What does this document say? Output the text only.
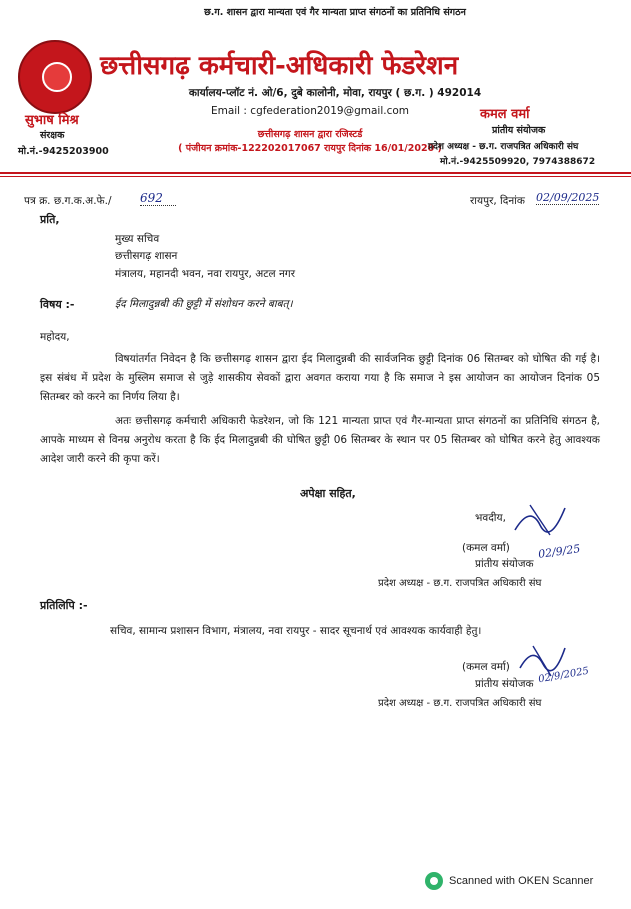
छ.ग. शासन द्वारा मान्यता एवं गैर मान्यता प्राप्त संगठनों का प्रतिनिधि संगठन
छत्तीसगढ़ कर्मचारी-अधिकारी फेडरेशन
कार्यालय-प्लॉट नं. ओ/6, दुबे कालोनी, मोवा, रायपुर ( छ.ग. ) 492014
Email : cgfederation2019@gmail.com
छत्तीसगढ़ शासन द्वारा रजिस्टर्ड
( पंजीयन क्रमांक-122202017067 रायपुर दिनांक 16/01/2020 )
सुभाष मिश्र
संरक्षक
मो.नं.-9425203900
कमल वर्मा
प्रांतीय संयोजक
प्रदेश अध्यक्ष - छ.ग. राजपत्रित अधिकारी संघ
मो.नं.-9425509920, 7974388672
पत्र क्र. छ.ग.क.अ.फे./ 692	रायपुर, दिनांक 02/09/2025
प्रति,
मुख्य सचिव
छत्तीसगढ़ शासन
मंत्रालय, महानदी भवन, नवा रायपुर, अटल नगर
विषय :-	ईद मिलादुन्नबी की छुट्टी में संशोधन करने बाबत्।
महोदय,
विषयांतर्गत निवेदन है कि छत्तीसगढ़ शासन द्वारा ईद मिलादुन्नबी की सार्वजनिक छुट्टी दिनांक 06 सितम्बर को घोषित की गई है। इस संबंध में प्रदेश के मुस्लिम समाज से जुड़े शासकीय सेवकों द्वारा अवगत कराया गया है कि समाज ने इस आयोजन का आयोजन दिनांक 05 सितम्बर को करने का निर्णय लिया है।
अतः छत्तीसगढ़ कर्मचारी अधिकारी फेडरेशन, जो कि 121 मान्यता प्राप्त एवं गैर-मान्यता प्राप्त संगठनों का प्रतिनिधि संगठन है, आपके माध्यम से विनम्र अनुरोध करता है कि ईद मिलादुन्नबी की घोषित छुट्टी 06 सितम्बर के स्थान पर 05 सितम्बर को घोषित करने हेतु आवश्यक आदेश जारी करने की कृपा करें।
अपेक्षा सहित,
भवदीय,
(कमल वर्मा)
प्रांतीय संयोजक
02/9/25
प्रदेश अध्यक्ष - छ.ग. राजपत्रित अधिकारी संघ
प्रतिलिपि :-
सचिव, सामान्य प्रशासन विभाग, मंत्रालय, नवा रायपुर - सादर सूचनार्थ एवं आवश्यक कार्यवाही हेतु।
(कमल वर्मा)
प्रांतीय संयोजक 02/9/2025
प्रदेश अध्यक्ष - छ.ग. राजपत्रित अधिकारी संघ
Scanned with OKEN Scanner
